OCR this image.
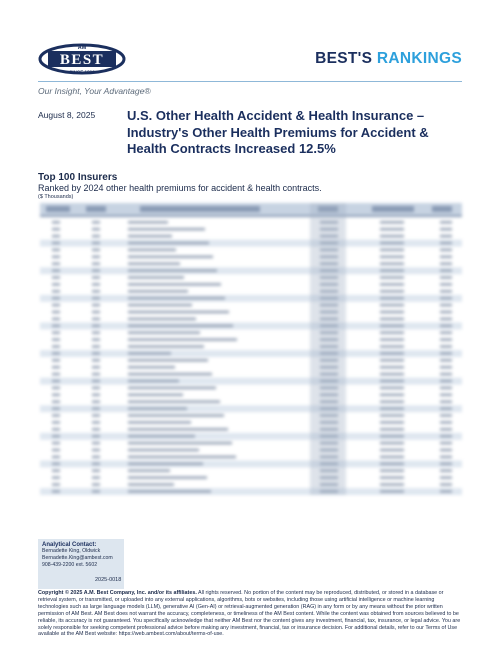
AM
BEST
SINCE 1899
BEST'S RANKINGS
Our Insight, Your Advantage®
August 8, 2025 U.S. Other Health Accident & Health Insurance – Industry's Other Health Premiums for Accident & Health Contracts Increased 12.5%
Top 100 Insurers
Ranked by 2024 other health premiums for accident & health contracts.
($ Thousands)
Analytical Contact:
Bernadette King, Oldwick
Bernadette.King@ambest.com
908-439-2200 ext. 5602
2025-0018

Copyright © 2025 A.M. Best Company, Inc. and/or its affiliates. All rights reserved. No portion of the content may be reproduced, distributed, or stored in a database or retrieval system, or transmitted, or uploaded into any external applications, algorithms, bots or websites, including those using artificial intelligence or machine learning technologies such as large language models (LLM), generative AI (Gen-AI) or retrieval-augmented generation (RAG) in any form or by any means without the prior written permission of AM Best. AM Best does not warrant the accuracy, completeness, or timeliness of the AM Best content. While the content was obtained from sources believed to be reliable, its accuracy is not guaranteed. You specifically acknowledge that neither AM Best nor the content gives any investment, financial, tax, insurance, or legal advice. You are solely responsible for seeking competent professional advice before making any investment, financial, tax or insurance decision. For additional details, refer to our Terms of Use available at the AM Best website: https://web.ambest.com/about/terms-of-use.
